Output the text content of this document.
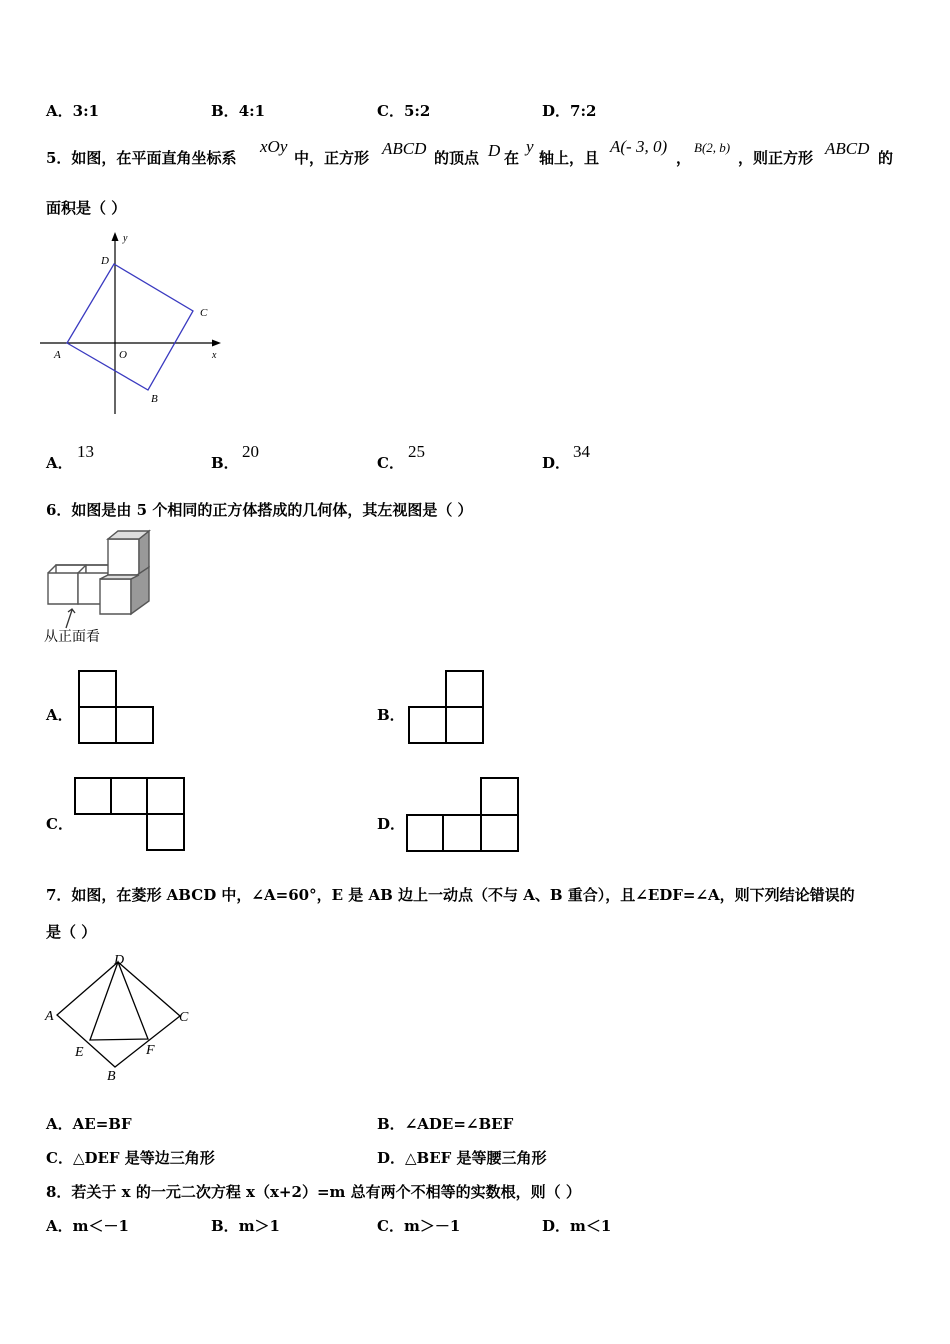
A．3:1	B．4:1	C．5:2	D．7:2
5．如图，在平面直角坐标系
xOy
中，正方形 ABCD 的顶点 D 在
y
轴上，且
A(- 3, 0)
，
B(2, b)
，则正方形 ABCD 的
面积是（ ）
y
x
O
A
B
C
D
A．
13
B．
20
C．
25
D．
34
6．如图是由 5 个相同的正方体搭成的几何体，其左视图是（ ）
从正面看
A．	B．
C．	D．
7．如图，在菱形 ABCD 中，∠A=60°，E 是 AB 边上一动点（不与 A、B 重合），且∠EDF=∠A，则下列结论错误的
是（ ）
A
B
C
D
E	F
A．AE=BF	B．∠ADE=∠BEF
C．△DEF 是等边三角形	D．△BEF 是等腰三角形
8．若关于 x 的一元二次方程 x（x+2）=m 总有两个不相等的实数根，则（ ）
A．m＜－1	B．m＞1	C．m＞－1	D．m＜1
